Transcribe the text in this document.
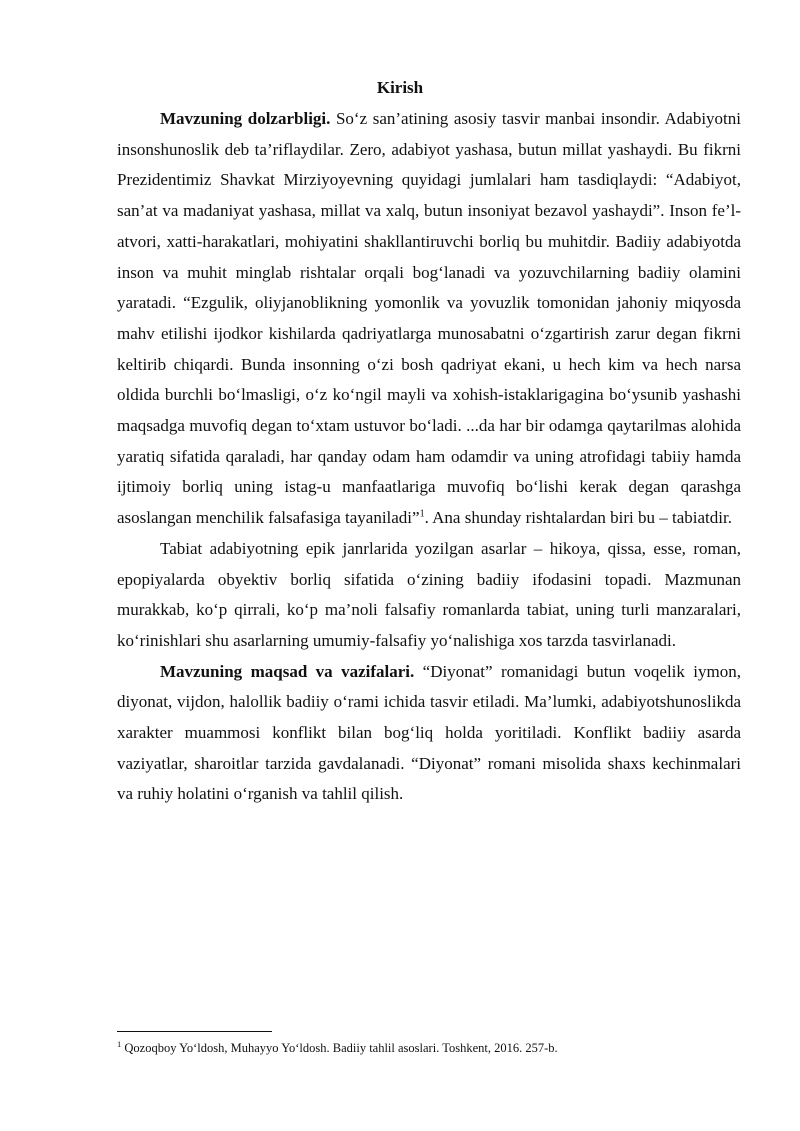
Kirish

Mavzuning dolzarbligi. So‘z san’atining asosiy tasvir manbai insondir. Adabiyotni insonshunoslik deb ta’riflaydilar. Zero, adabiyot yashasa, butun millat yashaydi. Bu fikrni Prezidentimiz Shavkat Mirziyoyevning quyidagi jumlalari ham tasdiqlaydi: “Adabiyot, san’at va madaniyat yashasa, millat va xalq, butun insoniyat bezavol yashaydi”. Inson fe’l-atvori, xatti-harakatlari, mohiyatini shakllantiruvchi borliq bu muhitdir. Badiiy adabiyotda inson va muhit minglab rishtalar orqali bog‘lanadi va yozuvchilarning badiiy olamini yaratadi. “Ezgulik, oliyjanoblikning yomonlik va yovuzlik tomonidan jahoniy miqyosda mahv etilishi ijodkor kishilarda qadriyatlarga munosabatni o‘zgartirish zarur degan fikrni keltirib chiqardi. Bunda insonning o‘zi bosh qadriyat ekani, u hech kim va hech narsa oldida burchli bo‘lmasligi, o‘z ko‘ngil mayli va xohish-istaklarigagina bo‘ysunib yashashi maqsadga muvofiq degan to‘xtam ustuvor bo‘ladi. ...da har bir odamga qaytarilmas alohida yaratiq sifatida qaraladi, har qanday odam ham odamdir va uning atrofidagi tabiiy hamda ijtimoiy borliq uning istag-u manfaatlariga muvofiq bo‘lishi kerak degan qarashga asoslangan menchilik falsafasiga tayaniladi”$^1$. Ana shunday rishtalardan biri bu – tabiatdir.

Tabiat adabiyotning epik janrlarida yozilgan asarlar – hikoya, qissa, esse, roman, epopiyalarda obyektiv borliq sifatida o‘zining badiiy ifodasini topadi. Mazmunan murakkab, ko‘p qirrali, ko‘p ma’noli falsafiy romanlarda tabiat, uning turli manzaralari, ko‘rinishlari shu asarlarning umumiy-falsafiy yo‘nalishiga xos tarzda tasvirlanadi.

Mavzuning maqsad va vazifalari. “Diyonat” romanidagi butun voqelik iymon, diyonat, vijdon, halollik badiiy o‘rami ichida tasvir etiladi. Ma’lumki, adabiyotshunoslikda xarakter muammosi konflikt bilan bog‘liq holda yoritiladi. Konflikt badiiy asarda vaziyatlar, sharoitlar tarzida gavdalanadi. “Diyonat” romani misolida shaxs kechinmalari va ruhiy holatini o‘rganish va tahlil qilish.

$^1$ Qozoqboy Yo‘ldosh, Muhayyo Yo‘ldosh. Badiiy tahlil asoslari. Toshkent, 2016. 257-b.
